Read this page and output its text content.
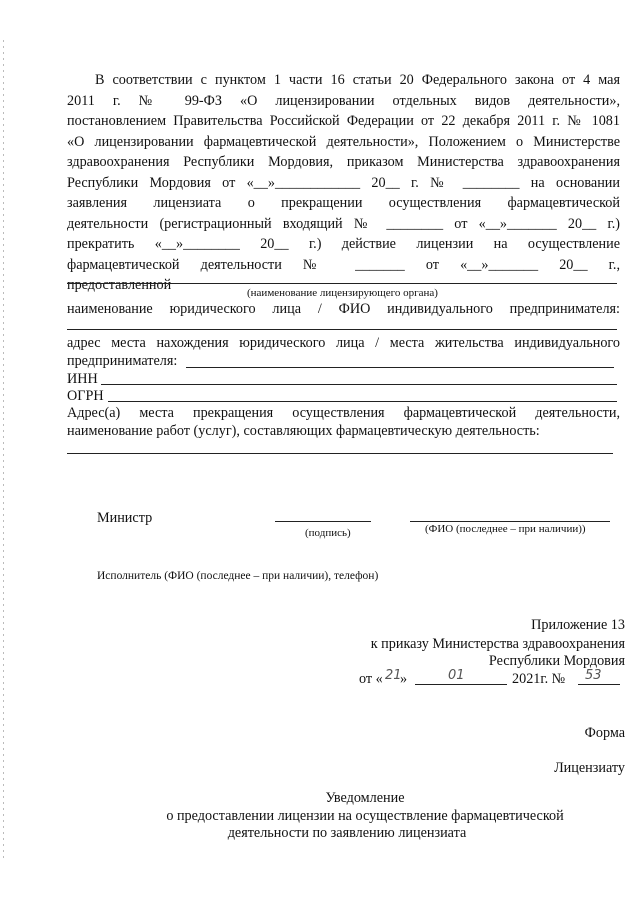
В соответствии с пунктом 1 части 16 статьи 20 Федерального закона от 4 мая
2011 г. № 99-ФЗ «О лицензировании отдельных видов деятельности»,
постановлением Правительства Российской Федерации от 22 декабря 2011 г. № 1081
«О лицензировании фармацевтической деятельности», Положением о Министерстве
здравоохранения Республики Мордовия, приказом Министерства здравоохранения
Республики Мордовия от «__»____________ 20__ г. № ________ на основании
заявления лицензиата о прекращении осуществления фармацевтической
деятельности (регистрационный входящий № ________ от «__»_______ 20__ г.)
прекратить «__»________ 20__ г.) действие лицензии на осуществление
фармацевтической деятельности № _______ от «__»_______ 20__ г.,
предоставленной	(наименование лицензирующего органа)
наименование юридического лица / ФИО индивидуального предпринимателя:
адрес места нахождения юридического лица / места жительства индивидуального
предпринимателя:
ИНН
ОГРН
Адрес(а) места прекращения осуществления фармацевтической деятельности,
наименование работ (услуг), составляющих фармацевтическую деятельность:
Министр
(подпись)	(ФИО (последнее – при наличии))
Исполнитель (ФИО (последнее – при наличии), телефон)
Приложение 13
к приказу Министерства здравоохранения
Республики Мордовия
от « 21
»	01	2021г. № 53
Форма
Лицензиату
Уведомление
о предоставлении лицензии на осуществление фармацевтической
деятельности по заявлению лицензиата
